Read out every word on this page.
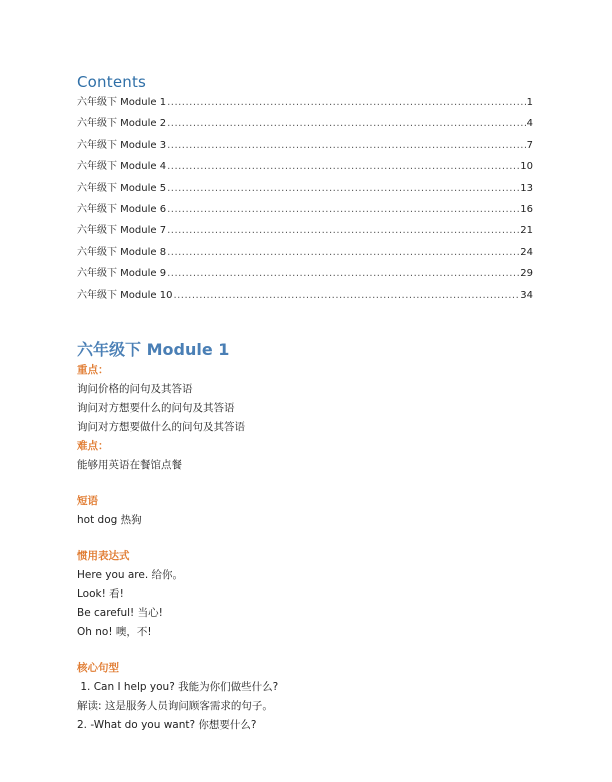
Contents
六年级下 Module 1 .....	1
六年级下 Module 2 .....	4
六年级下 Module 3 .....	7
六年级下 Module 4 .....	10
六年级下 Module 5 .....	13
六年级下 Module 6 .....	16
六年级下 Module 7 .....	21
六年级下 Module 8 .....	24
六年级下 Module 9 .....	29
六年级下 Module 10 .....	34
六年级下 Module 1
重点：
询问价格的问句及其答语
询问对方想要什么的问句及其答语
询问对方想要做什么的问句及其答语
难点：
能够用英语在餐馆点餐
短语
hot dog 热狗
惯用表达式
Here you are. 给你。
Look! 看!
Be careful! 当心!
Oh no! 噢，不!
核心句型
1. Can I help you? 我能为你们做些什么?
解读: 这是服务人员询问顾客需求的句子。
2. -What do you want? 你想要什么?
